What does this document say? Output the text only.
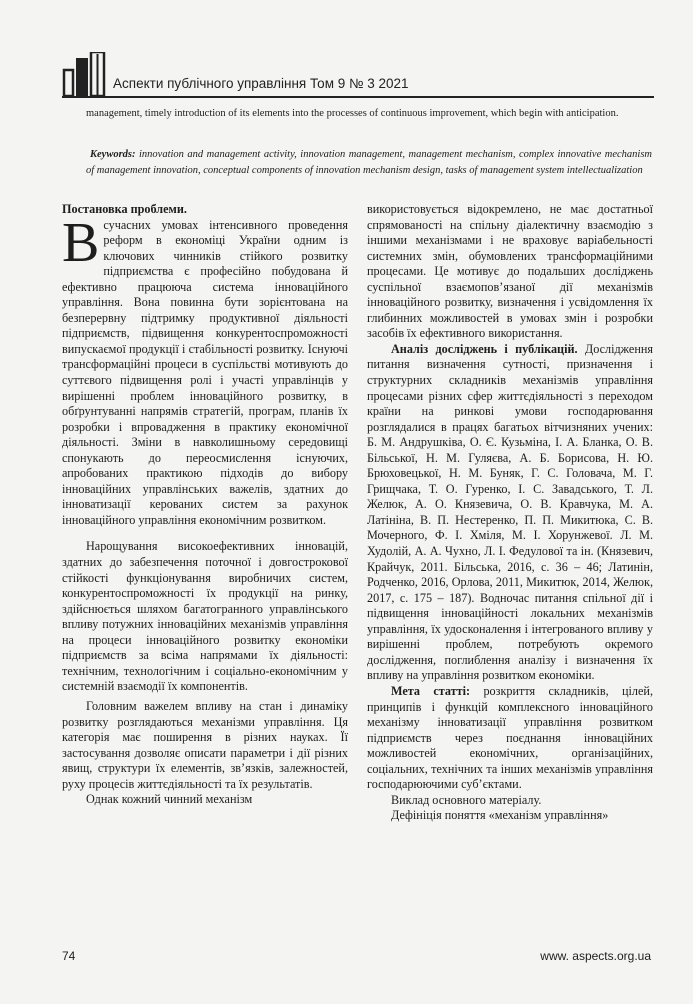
Аспекти публічного управління Том 9 № 3 2021
management, timely introduction of its elements into the processes of continuous improvement, which begin with anticipation.
Keywords: innovation and management activity, innovation management, management mechanism, complex innovative mechanism of management innovation, conceptual components of innovation mechanism design, tasks of management system intellectualization

Постановка проблеми.

В сучасних умовах інтенсивного проведення реформ в економіці України одним із ключових чинників стійкого розвитку підприємства є професійно побудована й ефективно працююча система інноваційного управління. Вона повинна бути зорієнтована на безперервну підтримку продуктивної діяльності підприємств, підвищення конкурентоспроможності випускаємої продукції і стабільності розвитку. Існуючі трансформаційні процеси в суспільстві мотивують до суттєвого підвищення ролі і участі управлінців у вирішенні проблем інноваційного розвитку, в обґрунтуванні напрямів стратегій, програм, планів їх розробки і впровадження в практику економічної діяльності. Зміни в навколишньому середовищі спонукають до переосмислення існуючих, апробованих практикою підходів до вибору інноваційних управлінських важелів, здатних до інноватизації керованих систем за рахунок інноваційного управління економічним розвитком.

Нарощування високоефективних інновацій, здатних до забезпечення поточної і довгострокової стійкості функціонування виробничих систем, конкурентоспроможності їх продукції на ринку, здійснюється шляхом багатогранного управлінського впливу потужних інноваційних механізмів управління на процеси інноваційного розвитку економіки підприємств за всіма напрямами їх діяльності: технічним, технологічним і соціально-економічним у системній взаємодії їх компонентів.

Головним важелем впливу на стан і динаміку розвитку розглядаються механізми управління. Ця категорія має поширення в різних науках. Її застосування дозволяє описати параметри і дії різних явищ, структури їх елементів, зв’язків, залежностей, руху процесів життєдіяльності та їх результатів.

Однак кожний чинний механізм

використовується відокремлено, не має достатньої спрямованості на спільну діалектичну взаємодію з іншими механізмами і не враховує варіабельності системних змін, обумовлених трансформаційними процесами. Це мотивує до подальших досліджень суспільної взаємопов’язаної дії механізмів інноваційного розвитку, визначення і усвідомлення їх глибинних можливостей в умовах змін і розробки засобів їх ефективного використання.

Аналіз досліджень і публікацій. Дослідження питання визначення сутності, призначення і структурних складників механізмів управління процесами різних сфер життєдіяльності з переходом країни на ринкові умови господарювання розглядалися в працях багатьох вітчизняних учених: Б. М. Андрушківа, О. Є. Кузьміна, І. А. Бланка, О. В. Більської, Н. М. Гуляєва, А. Б. Борисова, Н. Ю. Брюховецької, Н. М. Буняк, Г. С. Головача, М. Г. Грищчака, Т. О. Гуренко, І. С. Завадського, Т. Л. Желюк, А. О. Князевича, О. В. Кравчука, М. А. Латініна, В. П. Нестеренко, П. П. Микитюка, С. В. Мочерного, Ф. І. Хміля, М. І. Хорунжевої. Л. М. Худолій, А. А. Чухно, Л. І. Федулової та ін. (Князевич, Крайчук, 2011. Більська, 2016, с. 36 – 46; Латинін, Родченко, 2016, Орлова, 2011, Микитюк, 2014, Желюк, 2017, с. 175 – 187). Водночас питання спільної дії і підвищення інноваційності локальних механізмів управління, їх удосконалення і інтегрованого впливу у вирішенні проблем, потребують окремого дослідження, поглиблення аналізу і визначення їх впливу на управління розвитком економіки.

Мета статті: розкриття складників, цілей, принципів і функцій комплексного інноваційного механізму інноватизації управління розвитком підприємств через поєднання інноваційних можливостей економічних, організаційних, соціальних, технічних та інших механізмів управління господарюючими суб’єктами.

Виклад основного матеріалу.

Дефініція поняття «механізм управління»

74	www. aspects.org.ua
